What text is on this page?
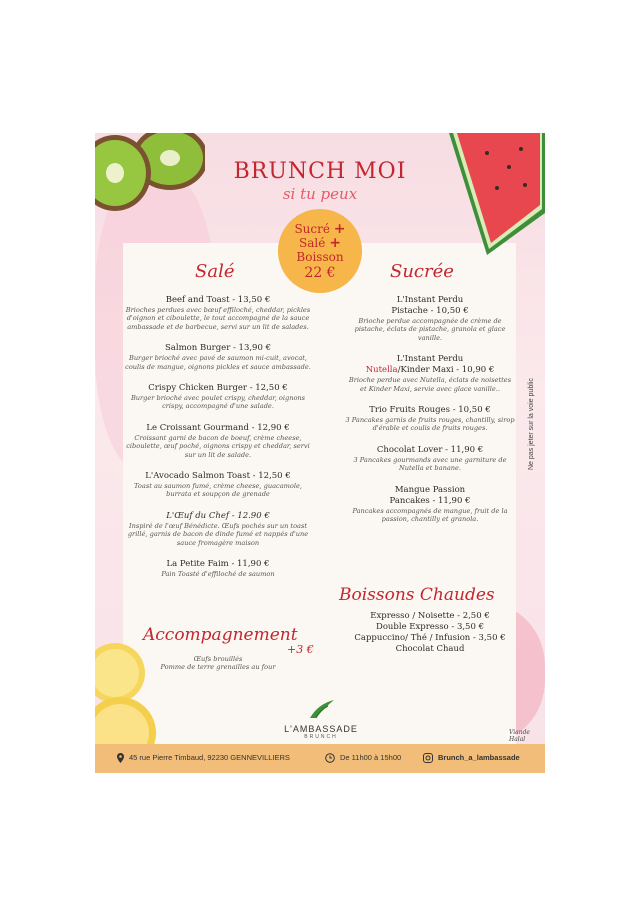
BRUNCH MOI
si tu peux
Sucré +
Salé +
Boisson
22 €
Salé	Sucrée
Beef and Toast - 13,50 €
Brioches perdues avec bœuf effiloché, cheddar, pickles d'oignon et ciboulette, le tout accompagné de la sauce ambassade et de barbecue, servi sur un lit de salades.
Salmon Burger - 13,90 €
Burger brioché avec pavé de saumon mi-cuit, avocat, coulis de mangue, oignons pickles et sauce ambassade.
Crispy Chicken Burger - 12,50 €
Burger brioché avec poulet crispy, cheddar, oignons crispy, accompagné d'une salade.
Le Croissant Gourmand - 12,90 €
Croissant garni de bacon de boeuf, crème cheese, ciboulette, œuf poché, oignons crispy et cheddar, servi sur un lit de salade.
L'Avocado Salmon Toast - 12,50 €
Toast au saumon fumé, crème cheese, guacamole, burrata et soupçon de grenade
L'Œuf du Chef - 12.90 €
Inspiré de l'œuf Bénédicte. Œufs pochés sur un toast grillé, garnis de bacon de dinde fumé et nappés d'une sauce fromagère maison
La Petite Faim - 11,90 €
Pain Toasté d'effiloché de saumon
Accompagnement
+3 €
Œufs brouillés
Pomme de terre grenailles au four
L'Instant Perdu
Pistache - 10,50 €
Brioche perdue accompagnée de crème de pistache, éclats de pistache, granola et glace vanille.
L'Instant Perdu
Nutella/Kinder Maxi - 10,90 €
Brioche perdue avec Nutella, éclats de noisettes et Kinder Maxi, servie avec glace vanille..
Trio Fruits Rouges - 10,50 €
3 Pancakes garnis de fruits rouges, chantilly, sirop d'érable et coulis de fruits rouges.
Chocolat Lover - 11,90 €
3 Pancakes gourmands avec une garniture de Nutella et banane.
Mangue Passion
Pancakes - 11,90 €
Pancakes accompagnés de mangue, fruit de la passion, chantilly et granola.
Boissons Chaudes
Expresso / Noisette - 2,50 €
Double Expresso - 3,50 €
Cappuccino/ Thé / Infusion - 3,50 €
Chocolat Chaud
L'AMBASSADE
BRUNCH
Viande Halal
Ne pas jeter sur la voie public
45 rue Pierre Timbaud, 92230 GENNEVILLIERS	De 11h00 à 15h00	Brunch_a_lambassade
